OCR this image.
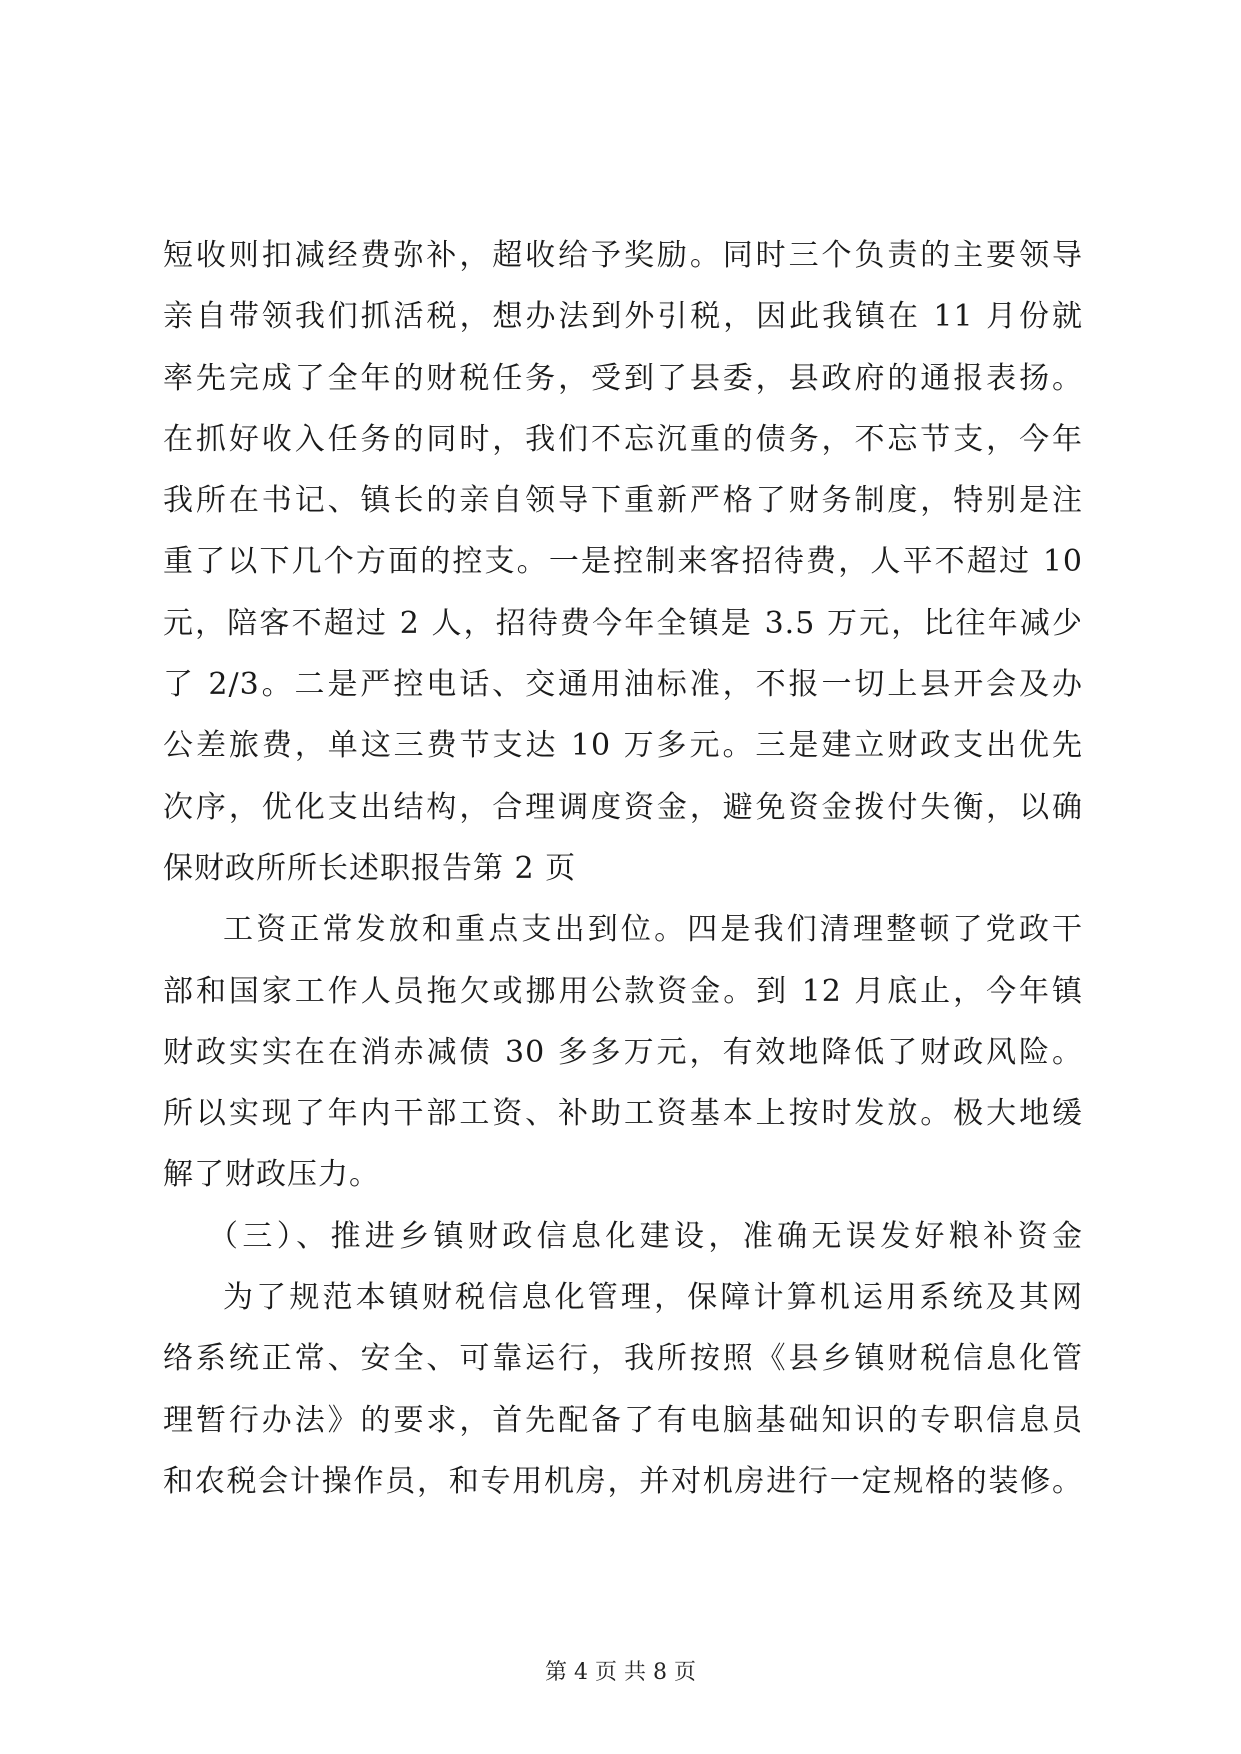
短收则扣减经费弥补，超收给予奖励。同时三个负责的主要领导
亲自带领我们抓活税，想办法到外引税，因此我镇在 11 月份就
率先完成了全年的财税任务，受到了县委，县政府的通报表扬。
在抓好收入任务的同时，我们不忘沉重的债务，不忘节支，今年
我所在书记、镇长的亲自领导下重新严格了财务制度，特别是注
重了以下几个方面的控支。一是控制来客招待费，人平不超过 10
元，陪客不超过 2 人，招待费今年全镇是 3.5 万元，比往年减少
了 2/3。二是严控电话、交通用油标准，不报一切上县开会及办
公差旅费，单这三费节支达 10 万多元。三是建立财政支出优先
次序，优化支出结构，合理调度资金，避免资金拨付失衡，以确
保财政所所长述职报告第 2 页
工资正常发放和重点支出到位。四是我们清理整顿了党政干
部和国家工作人员拖欠或挪用公款资金。到 12 月底止，今年镇
财政实实在在消赤减债 30 多多万元，有效地降低了财政风险。
所以实现了年内干部工资、补助工资基本上按时发放。极大地缓
解了财政压力。
（三）、推进乡镇财政信息化建设，准确无误发好粮补资金
为了规范本镇财税信息化管理，保障计算机运用系统及其网
络系统正常、安全、可靠运行，我所按照《县乡镇财税信息化管
理暂行办法》的要求，首先配备了有电脑基础知识的专职信息员
和农税会计操作员，和专用机房，并对机房进行一定规格的装修。
第 4 页 共 8 页
